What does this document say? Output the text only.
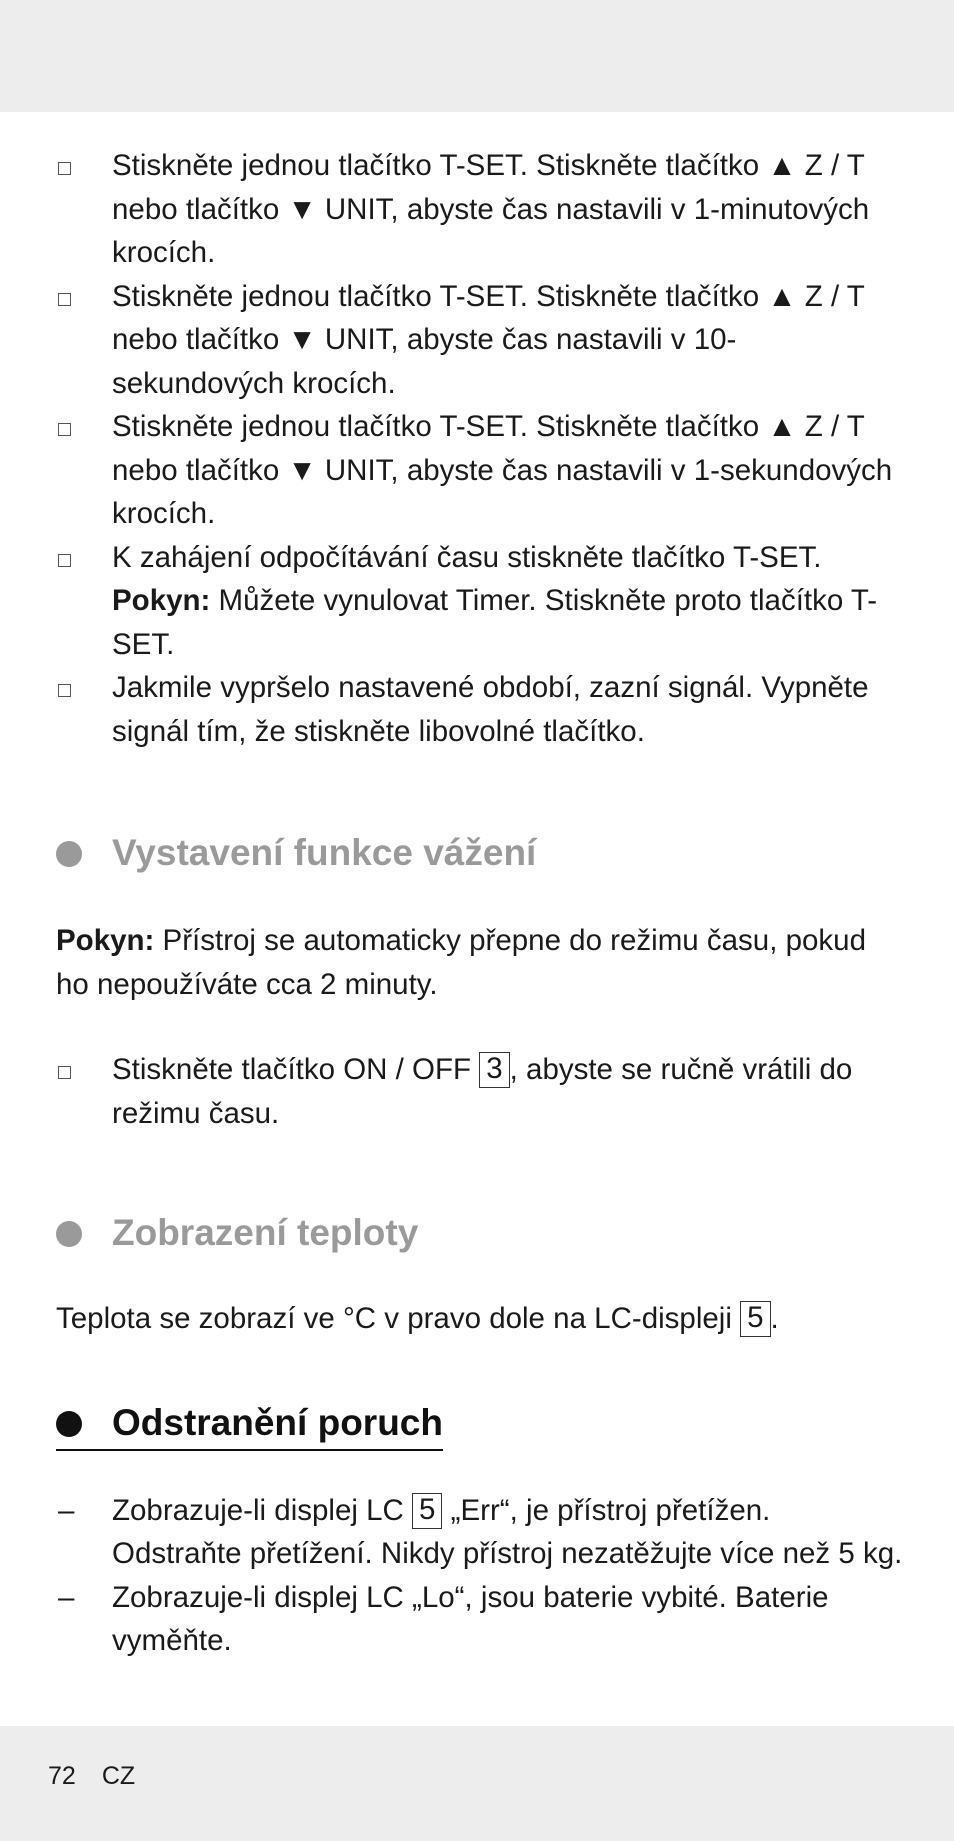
Stiskněte jednou tlačítko T-SET. Stiskněte tlačítko ▲ Z / T nebo tlačítko ▼ UNIT, abyste čas nastavili v 1-minutových krocích.
Stiskněte jednou tlačítko T-SET. Stiskněte tlačítko ▲ Z / T nebo tlačítko ▼ UNIT, abyste čas nastavili v 10-sekundových krocích.
Stiskněte jednou tlačítko T-SET. Stiskněte tlačítko ▲ Z / T nebo tlačítko ▼ UNIT, abyste čas nastavili v 1-sekundových krocích.
K zahájení odpočítávání času stiskněte tlačítko T-SET.
Pokyn: Můžete vynulovat Timer. Stiskněte proto tlačítko T-SET.
Jakmile vypršelo nastavené období, zazní signál. Vypněte signál tím, že stiskněte libovolné tlačítko.
Vystavení funkce vážení

Pokyn: Přístroj se automaticky přepne do režimu času, pokud ho nepoužíváte cca 2 minuty.

Stiskněte tlačítko ON / OFF 3 , abyste se ručně vrátili do režimu času.
Zobrazení teploty

Teplota se zobrazí ve °C v pravo dole na LC-displeji 5 .

Odstranění poruch
– Zobrazuje-li displej LC 5 „Err“, je přístroj přetížen. Odstraňte přetížení. Nikdy přístroj nezatěžujte více než 5 kg.
– Zobrazuje-li displej LC „Lo“, jsou baterie vybité. Baterie vyměňte.
72 CZ
